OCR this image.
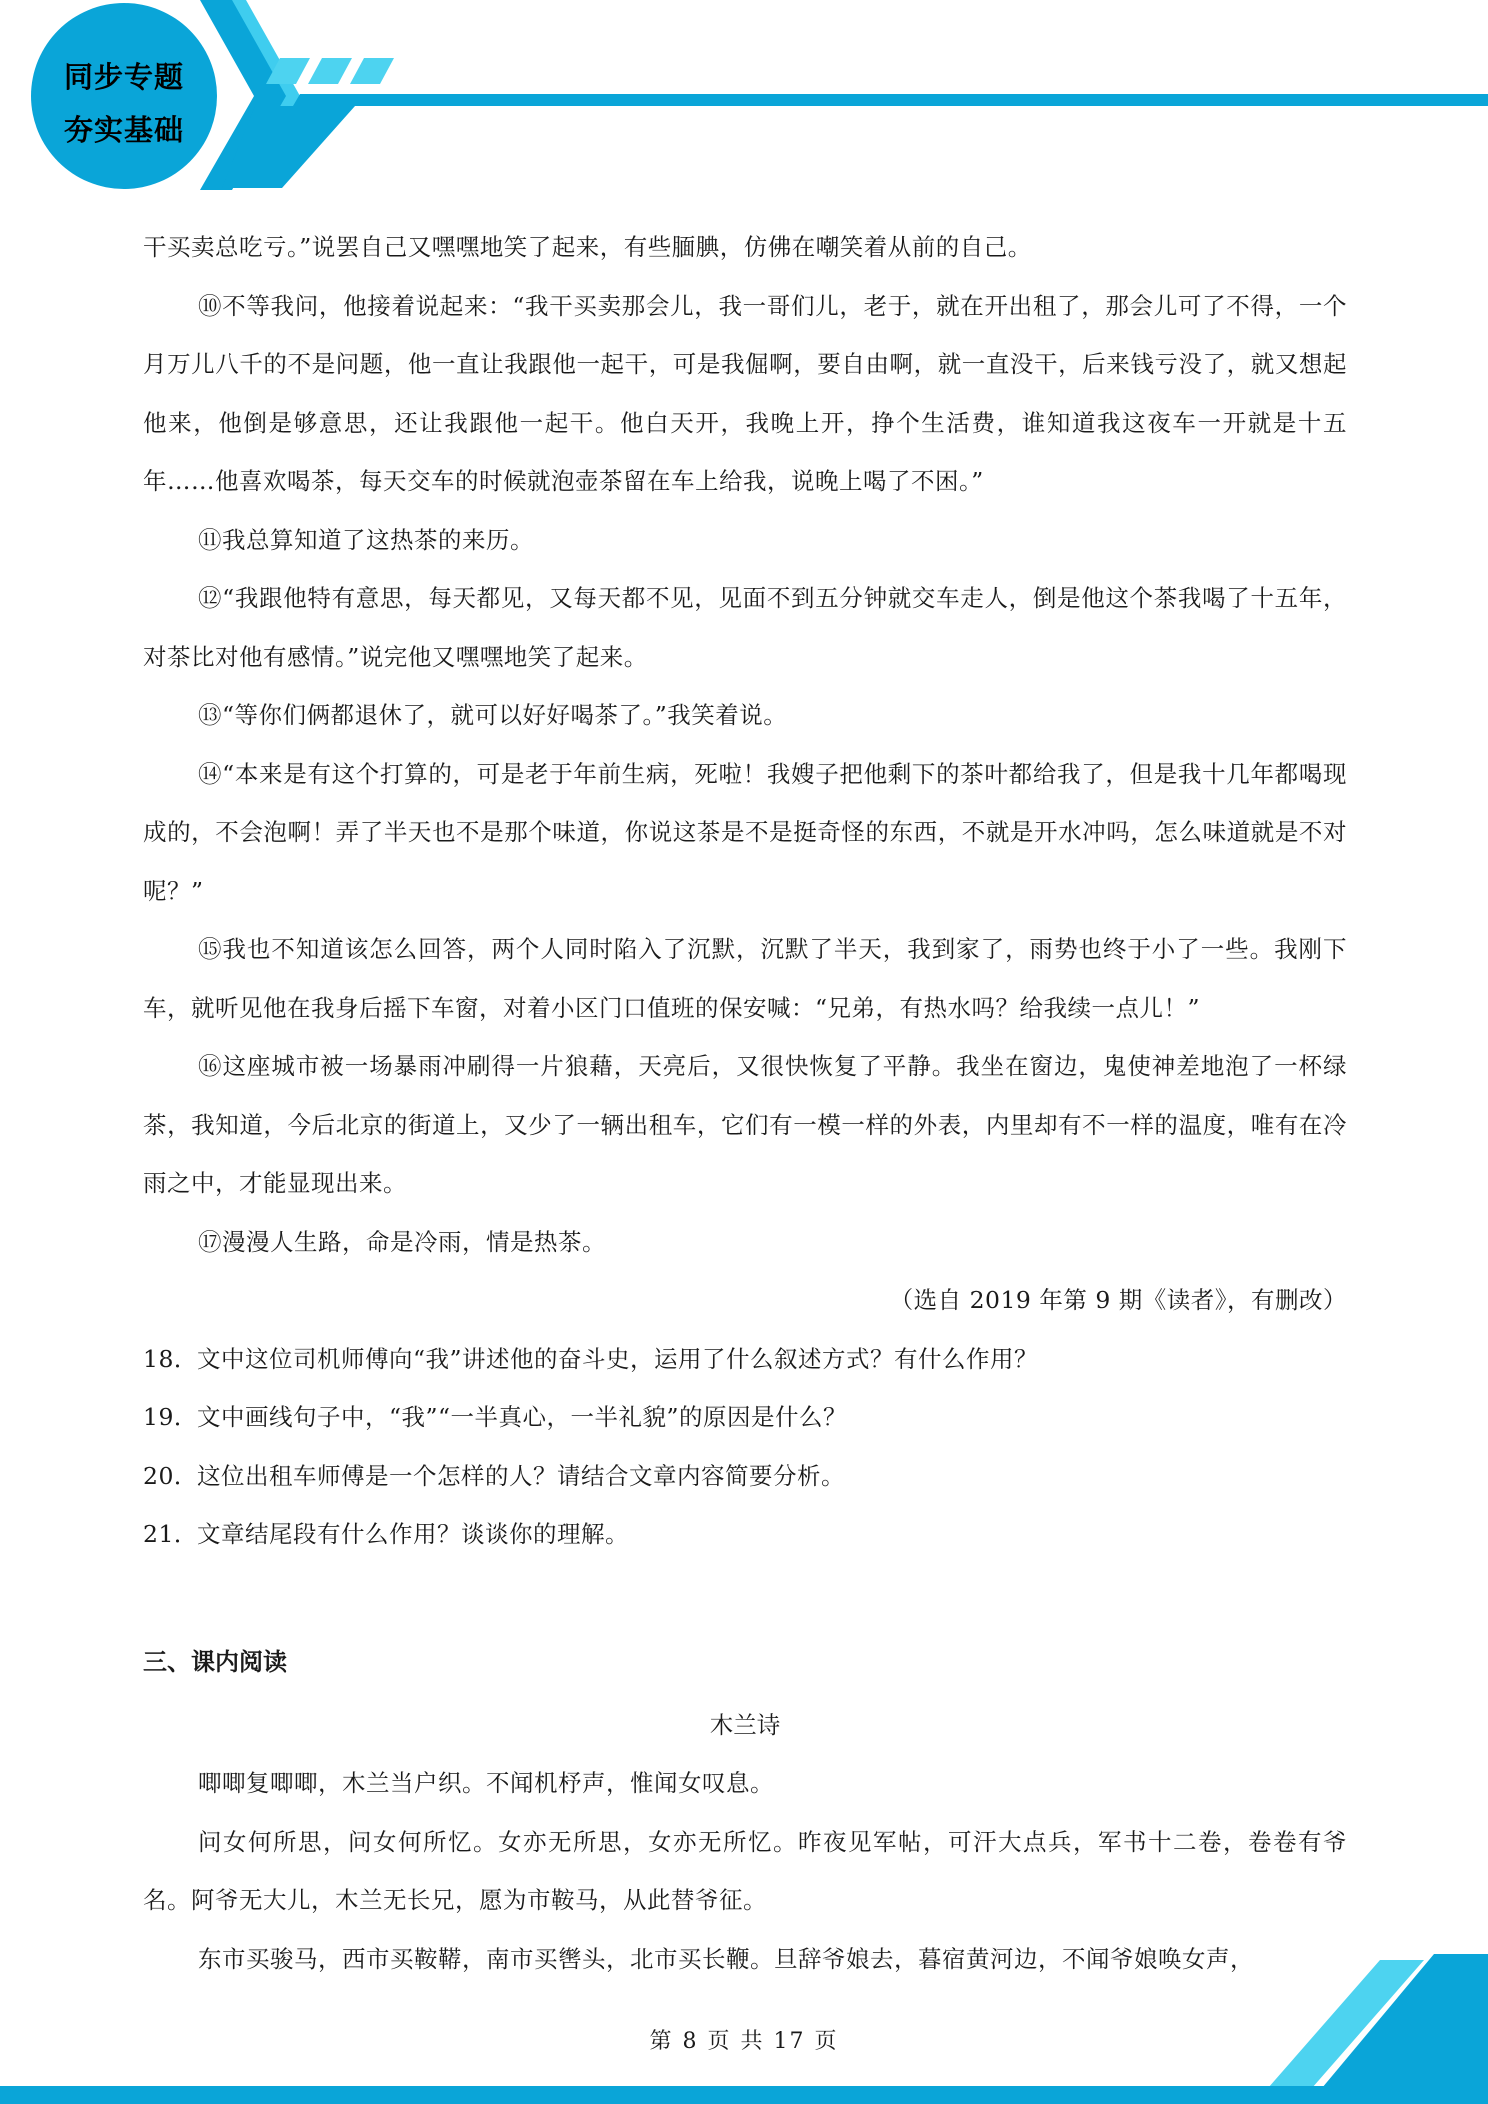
同步专题
夯实基础

干买卖总吃亏。”说罢自己又嘿嘿地笑了起来，有些腼腆，仿佛在嘲笑着从前的自己。

⑩不等我问，他接着说起来：“我干买卖那会儿，我一哥们儿，老于，就在开出租了，那会儿可了不得，一个月万儿八千的不是问题，他一直让我跟他一起干，可是我倔啊，要自由啊，就一直没干，后来钱亏没了，就又想起他来，他倒是够意思，还让我跟他一起干。他白天开，我晚上开，挣个生活费，谁知道我这夜车一开就是十五年……他喜欢喝茶，每天交车的时候就泡壶茶留在车上给我，说晚上喝了不困。”

⑪我总算知道了这热茶的来历。

⑫“我跟他特有意思，每天都见，又每天都不见，见面不到五分钟就交车走人，倒是他这个茶我喝了十五年，对茶比对他有感情。”说完他又嘿嘿地笑了起来。

⑬“等你们俩都退休了，就可以好好喝茶了。”我笑着说。

⑭“本来是有这个打算的，可是老于年前生病，死啦！我嫂子把他剩下的茶叶都给我了，但是我十几年都喝现成的，不会泡啊！弄了半天也不是那个味道，你说这茶是不是挺奇怪的东西，不就是开水冲吗，怎么味道就是不对呢？”

⑮我也不知道该怎么回答，两个人同时陷入了沉默，沉默了半天，我到家了，雨势也终于小了一些。我刚下车，就听见他在我身后摇下车窗，对着小区门口值班的保安喊：“兄弟，有热水吗？给我续一点儿！”

⑯这座城市被一场暴雨冲刷得一片狼藉，天亮后，又很快恢复了平静。我坐在窗边，鬼使神差地泡了一杯绿茶，我知道，今后北京的街道上，又少了一辆出租车，它们有一模一样的外表，内里却有不一样的温度，唯有在冷雨之中，才能显现出来。

⑰漫漫人生路，命是冷雨，情是热茶。

（选自 2019 年第 9 期《读者》，有删改）

18．文中这位司机师傅向“我”讲述他的奋斗史，运用了什么叙述方式？有什么作用？

19．文中画线句子中，“我”“一半真心，一半礼貌”的原因是什么？

20．这位出租车师傅是一个怎样的人？请结合文章内容简要分析。

21．文章结尾段有什么作用？谈谈你的理解。

三、课内阅读

木兰诗

唧唧复唧唧，木兰当户织。不闻机杼声，惟闻女叹息。

问女何所思，问女何所忆。女亦无所思，女亦无所忆。昨夜见军帖，可汗大点兵，军书十二卷，卷卷有爷名。阿爷无大儿，木兰无长兄，愿为市鞍马，从此替爷征。

东市买骏马，西市买鞍鞯，南市买辔头，北市买长鞭。旦辞爷娘去，暮宿黄河边，不闻爷娘唤女声，

第 8 页 共 17 页
